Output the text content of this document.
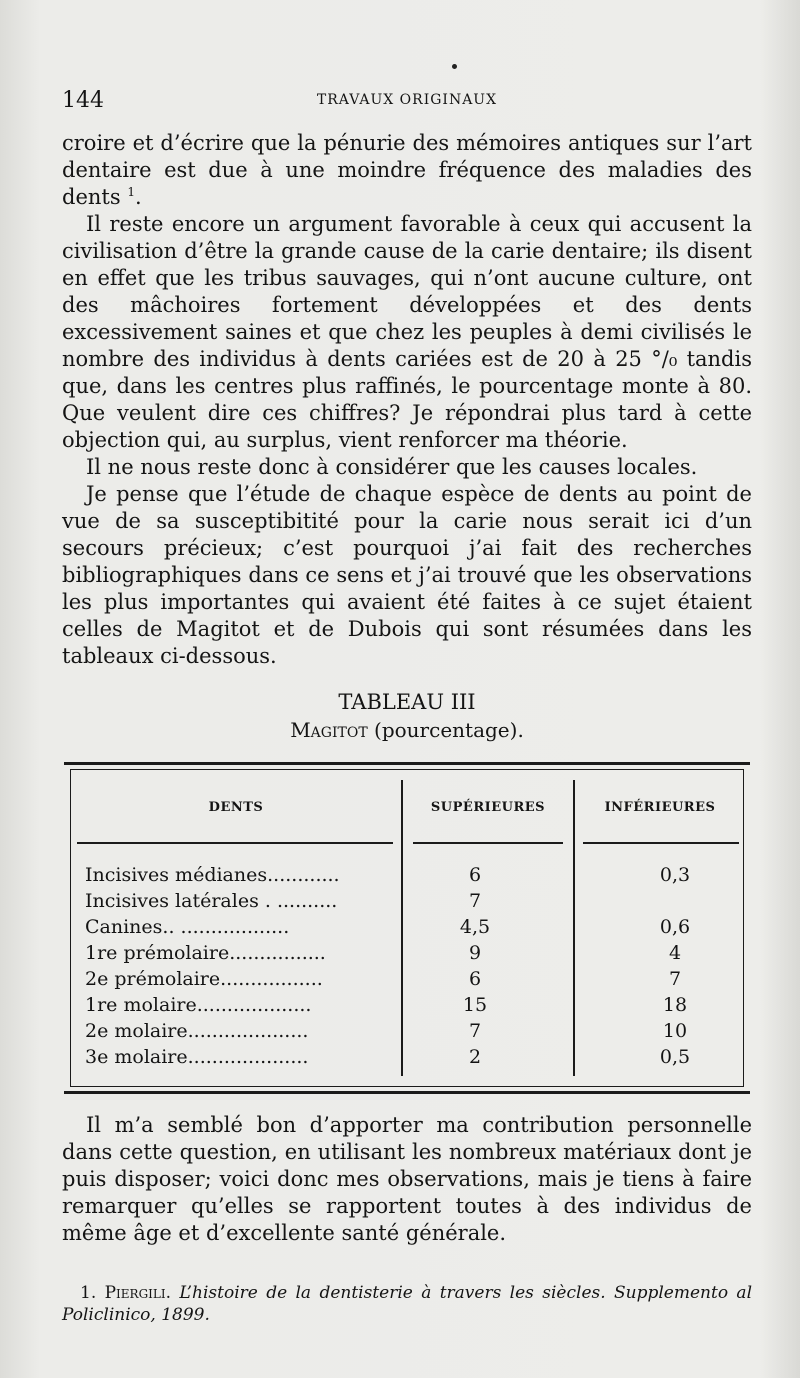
144	TRAVAUX ORIGINAUX

croire et d’écrire que la pénurie des mémoires antiques sur l’art dentaire est due à une moindre fréquence des maladies des dents $^1$.

Il reste encore un argument favorable à ceux qui accusent la civilisation d’être la grande cause de la carie dentaire; ils disent en effet que les tribus sauvages, qui n’ont aucune culture, ont des mâchoires fortement développées et des dents excessivement saines et que chez les peuples à demi civilisés le nombre des individus à dents cariées est de 20 à 25 °/₀ tandis que, dans les centres plus raffinés, le pourcentage monte à 80. Que veulent dire ces chiffres? Je répondrai plus tard à cette objection qui, au surplus, vient renforcer ma théorie.

Il ne nous reste donc à considérer que les causes locales.

Je pense que l’étude de chaque espèce de dents au point de vue de sa susceptibitité pour la carie nous serait ici d’un secours précieux; c’est pourquoi j’ai fait des recherches bibliographiques dans ce sens et j’ai trouvé que les observations les plus importantes qui avaient été faites à ce sujet étaient celles de Magitot et de Dubois qui sont résumées dans les tableaux ci-dessous.

TABLEAU III
Magitot (pourcentage).
DENTS	SUPÉRIEURES	INFÉRIEURES
Incisives médianes............	6	0,3
Incisives latérales . ..........	7
Canines.. ..................	4,5	0,6
1re prémolaire................	9	4
2e prémolaire.................	6	7
1re molaire...................	15	18
2e molaire....................	7	10
3e molaire....................	2	0,5

Il m’a semblé bon d’apporter ma contribution personnelle dans cette question, en utilisant les nombreux matériaux dont je puis disposer; voici donc mes observations, mais je tiens à faire remarquer qu’elles se rapportent toutes à des individus de même âge et d’excellente santé générale.

1. Piergili. L’histoire de la dentisterie à travers les siècles. Supplemento al Policlinico, 1899.
